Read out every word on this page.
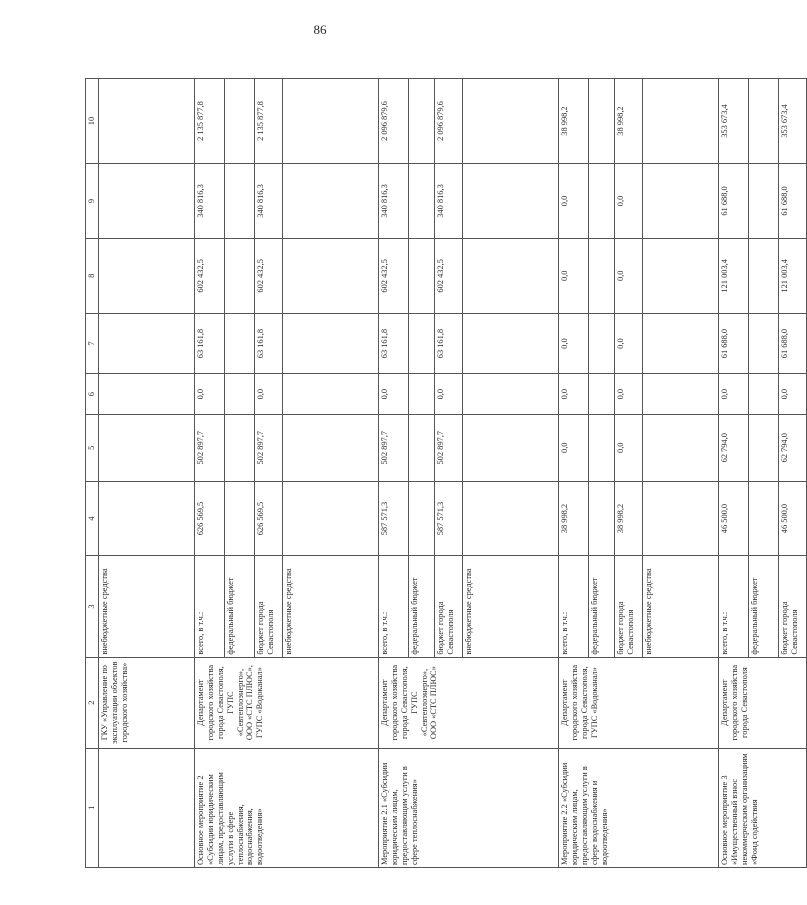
86
1	2	3	4	5	6	7	8	9	10
	ГКУ «Управление по эксплуатации объектов городского хозяйства»	внебюджетные средства							
Основное мероприятие 2 «Субсидии юридическим лицам, предоставляющим услуги в сфере теплоснабжения, водоснабжения, водоотведения»	Департамент городского хозяйства города Севастополя, ГУПС «Севтеплоэнерго», ООО «СТС ПЛЮС», ГУПС «Водоканал»	всего, в т.ч.:	626 569,5	502 897,7	0,0	63 161,8	602 432,5	340 816,3	2 135 877,8
		федеральный бюджет							
		бюджет города Севастополя	626 569,5	502 897,7	0,0	63 161,8	602 432,5	340 816,3	2 135 877,8
		внебюджетные средства							
Мероприятие 2.1 «Субсидии юридическим лицам, предоставляющим услуги в сфере теплоснабжения»	Департамент городского хозяйства города Севастополя, ГУПС «Севтеплоэнерго», ООО «СТС ПЛЮС»	всего, в т.ч.:	587 571,3	502 897,7	0,0	63 161,8	602 432,5	340 816,3	2 096 879,6
		федеральный бюджет							
		бюджет города Севастополя	587 571,3	502 897,7	0,0	63 161,8	602 432,5	340 816,3	2 096 879,6
		внебюджетные средства							
Мероприятие 2.2 «Субсидии юридическим лицам, предоставляющим услуги в сфере водоснабжения и водоотведения»	Департамент городского хозяйства города Севастополя, ГУПС «Водоканал»	всего, в т.ч.:	38 998,2	0,0	0,0	0,0	0,0	0,0	38 998,2
		федеральный бюджет							
		бюджет города Севастополя	38 998,2	0,0	0,0	0,0	0,0	0,0	38 998,2
		внебюджетные средства							
Основное мероприятие 3 «Имущественный взнос некоммерческим организациям «Фонд содействия	Департамент городского хозяйства города Севастополя	всего, в т.ч.:	46 500,0	62 794,0	0,0	61 688,0	121 003,4	61 688,0	353 673,4
		федеральный бюджет							
		бюджет города Севастополя	46 500,0	62 794,0	0,0	61 688,0	121 003,4	61 688,0	353 673,4
